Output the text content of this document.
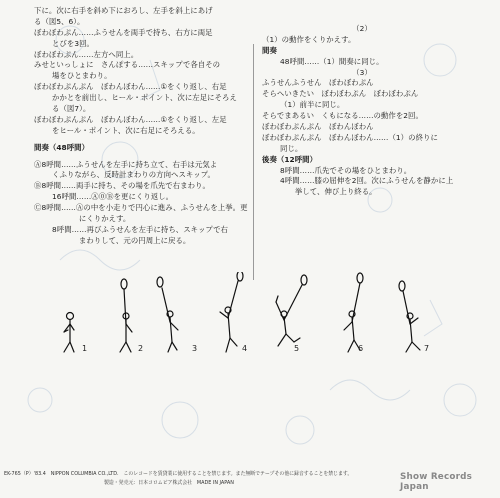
下に。次に右手を斜め下におろし、左手を斜上にあげ
る（図5、6）。
ぼわぼわぷん……ふうせんを両手で持ち、右方に両足
とびを3回。
ぼわぼわぷん……左方へ同上。
みせといっしょに　さんぽする……スキップで各自その
場をひとまわり。
ぼわぼわぷんぷん　ぼわんぼわん……①をくり返し、右足
かかとを前出し、ヒール・ポイント、次に左足にそろえ
る（図7）。
ぼわぼわぷんぷん　ぼわんぼわん……①をくり返し、左足
をヒール・ポイント、次に右足にそろえる。
間奏（48呼間）
Ⓐ8呼間……ふうせんを左手に持ち立て、右手は元気よ
くふりながら、反時計まわりの方向へスキップ。
Ⓑ8呼間……両手に持ち、その場を爪先で右まわり。
16呼間……Ⓐ⓪Ⓑを更にくり返し。
Ⓒ8呼間……Ⓐの中を小走りで円心に進み、ふうせんを上挙。更
　　にくりかえす。
8呼間……再びふうせんを左手に持ち、スキップで右
　　まわりして、元の円周上に戻る。
（2）
（1）の動作をくりかえす。
間奏
48呼間……（1）間奏に同じ。
（3）
ふうせんふうせん　ぼわぼわぷん
そらへいきたい　ぼわぼわぷん　ぼわぼわぷん
（1）前半に同じ。
そらでまあるい　くもになる……の動作を2回。
ぼわぼわぷんぷん　ぼわんぼわん
ぼわぼわぷんぷん　ぼわんぼわん……（1）の終りに
同じ。
後奏（12呼間）
8呼間……爪先でその場をひとまわり。
4呼間……膝の屈伸を2回。次にふうせんを静かに上
　　挙して、伸び上り終る。
1	2	3	4	5	6	7
EK-765（P）'83.4　NIPPON COLUMBIA CO.,LTD.　このレコードを賃貸業に使用することを禁じます。また無断でテープその他に録音することを禁じます。
製造・発売元：日本コロムビア株式会社　MADE IN JAPAN
Show Records Japan
